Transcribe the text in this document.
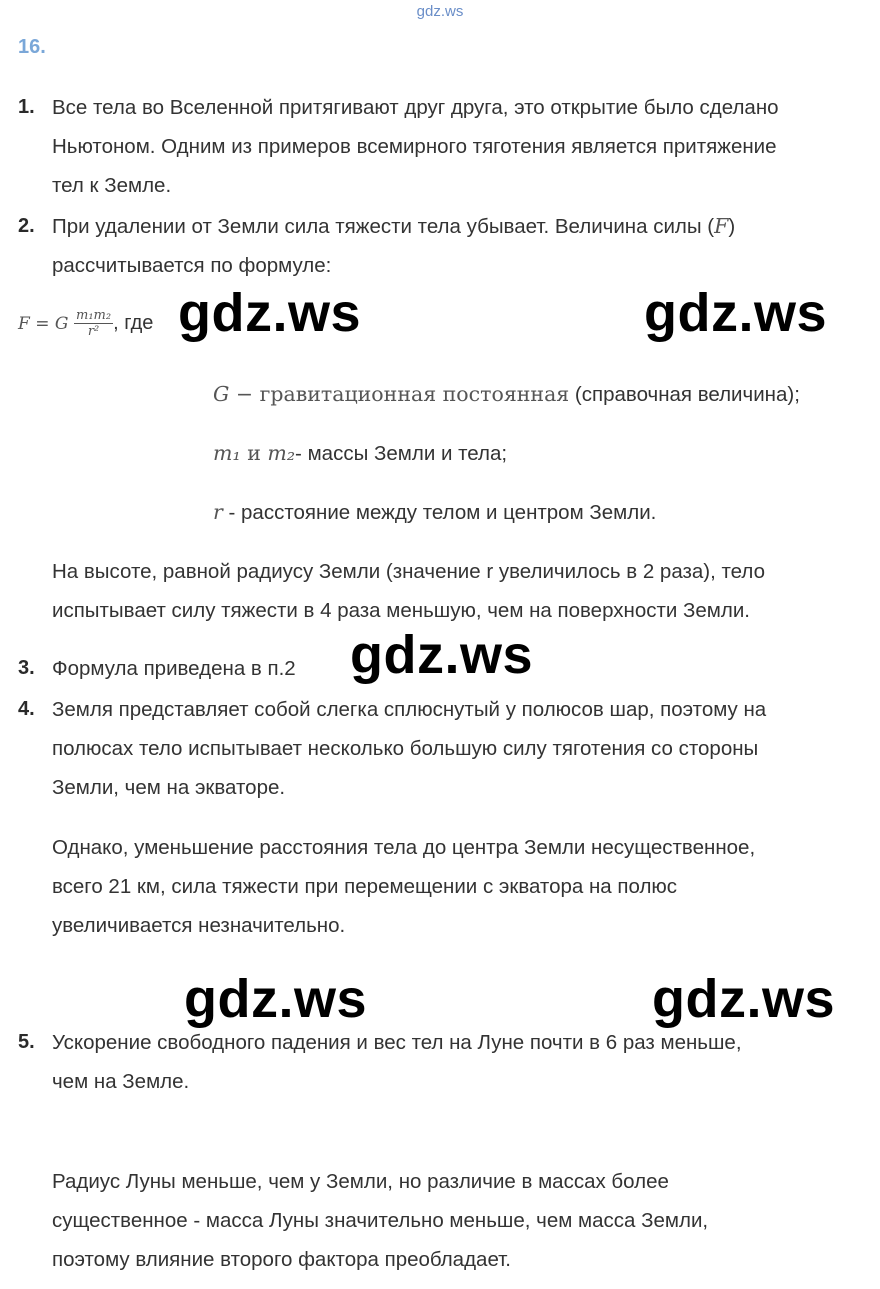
gdz.ws
16.
1. Все тела во Вселенной притягивают друг друга, это открытие было сделано
Ньютоном. Одним из примеров всемирного тяготения является притяжение
тел к Земле.
2. При удалении от Земли сила тяжести тела убывает. Величина силы (F)
рассчитывается по формуле:
F = G $\frac{\text{m₁m₂}}{\text{r²}}$ , где gdz.ws	gdz.ws
G − гравитационная постоянная (справочная величина);
m₁ и m₂- массы Земли и тела;
r - расстояние между телом и центром Земли.
На высоте, равной радиусу Земли (значение r увеличилось в 2 раза), тело
испытывает силу тяжести в 4 раза меньшую, чем на поверхности Земли.
3. Формула приведена в п.2 gdz.ws
4. Земля представляет собой слегка сплюснутый у полюсов шар, поэтому на
полюсах тело испытывает несколько большую силу тяготения со стороны
Земли, чем на экваторе.
Однако, уменьшение расстояния тела до центра Земли несущественное,
всего 21 км, сила тяжести при перемещении с экватора на полюс
увеличивается незначительно.
gdz.ws	gdz.ws
5. Ускорение свободного падения и вес тел на Луне почти в 6 раз меньше,
чем на Земле.
Радиус Луны меньше, чем у Земли, но различие в массах более
существенное - масса Луны значительно меньше, чем масса Земли,
поэтому влияние второго фактора преобладает.
